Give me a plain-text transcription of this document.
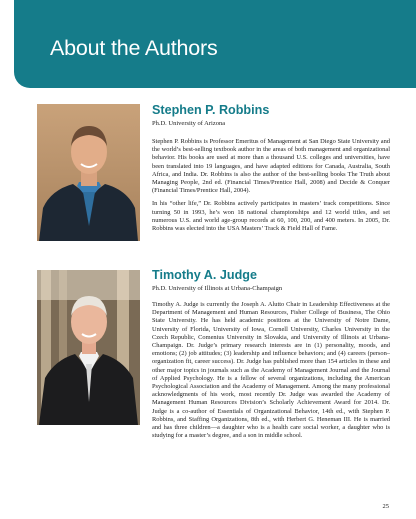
About the Authors

Stephen P. Robbins

Ph.D. University of Arizona

Stephen P. Robbins is Professor Emeritus of Management at San Diego State University and the world’s best-selling textbook author in the areas of both management and organizational behavior. His books are used at more than a thousand U.S. colleges and universities, have been translated into 19 languages, and have adapted editions for Canada, Australia, South Africa, and India. Dr. Robbins is also the author of the best-selling books The Truth about Managing People, 2nd ed. (Financial Times/Prentice Hall, 2008) and Decide & Conquer (Financial Times/Prentice Hall, 2004).

In his “other life,” Dr. Robbins actively participates in masters’ track competitions. Since turning 50 in 1993, he’s won 18 national championships and 12 world titles, and set numerous U.S. and world age-group records at 60, 100, 200, and 400 meters. In 2005, Dr. Robbins was elected into the USA Masters’ Track & Field Hall of Fame.

Timothy A. Judge

Ph.D. University of Illinois at Urbana-Champaign

Timothy A. Judge is currently the Joseph A. Alutto Chair in Leadership Effectiveness at the Department of Management and Human Resources, Fisher College of Business, The Ohio State University. He has held academic positions at the University of Notre Dame, University of Florida, University of Iowa, Cornell University, Charles University in the Czech Republic, Comenius University in Slovakia, and University of Illinois at Urbana-Champaign. Dr. Judge’s primary research interests are in (1) personality, moods, and emotions; (2) job attitudes; (3) leadership and influence behaviors; and (4) careers (person–organization fit, career success). Dr. Judge has published more than 154 articles in these and other major topics in journals such as the Academy of Management Journal and the Journal of Applied Psychology. He is a fellow of several organizations, including the American Psychological Association and the Academy of Management. Among the many professional acknowledgments of his work, most recently Dr. Judge was awarded the Academy of Management Human Resources Division’s Scholarly Achievement Award for 2014. Dr. Judge is a co-author of Essentials of Organizational Behavior, 14th ed., with Stephen P. Robbins, and Staffing Organizations, 8th ed., with Herbert G. Heneman III. He is married and has three children—a daughter who is a health care social worker, a daughter who is studying for a master’s degree, and a son in middle school.

25
